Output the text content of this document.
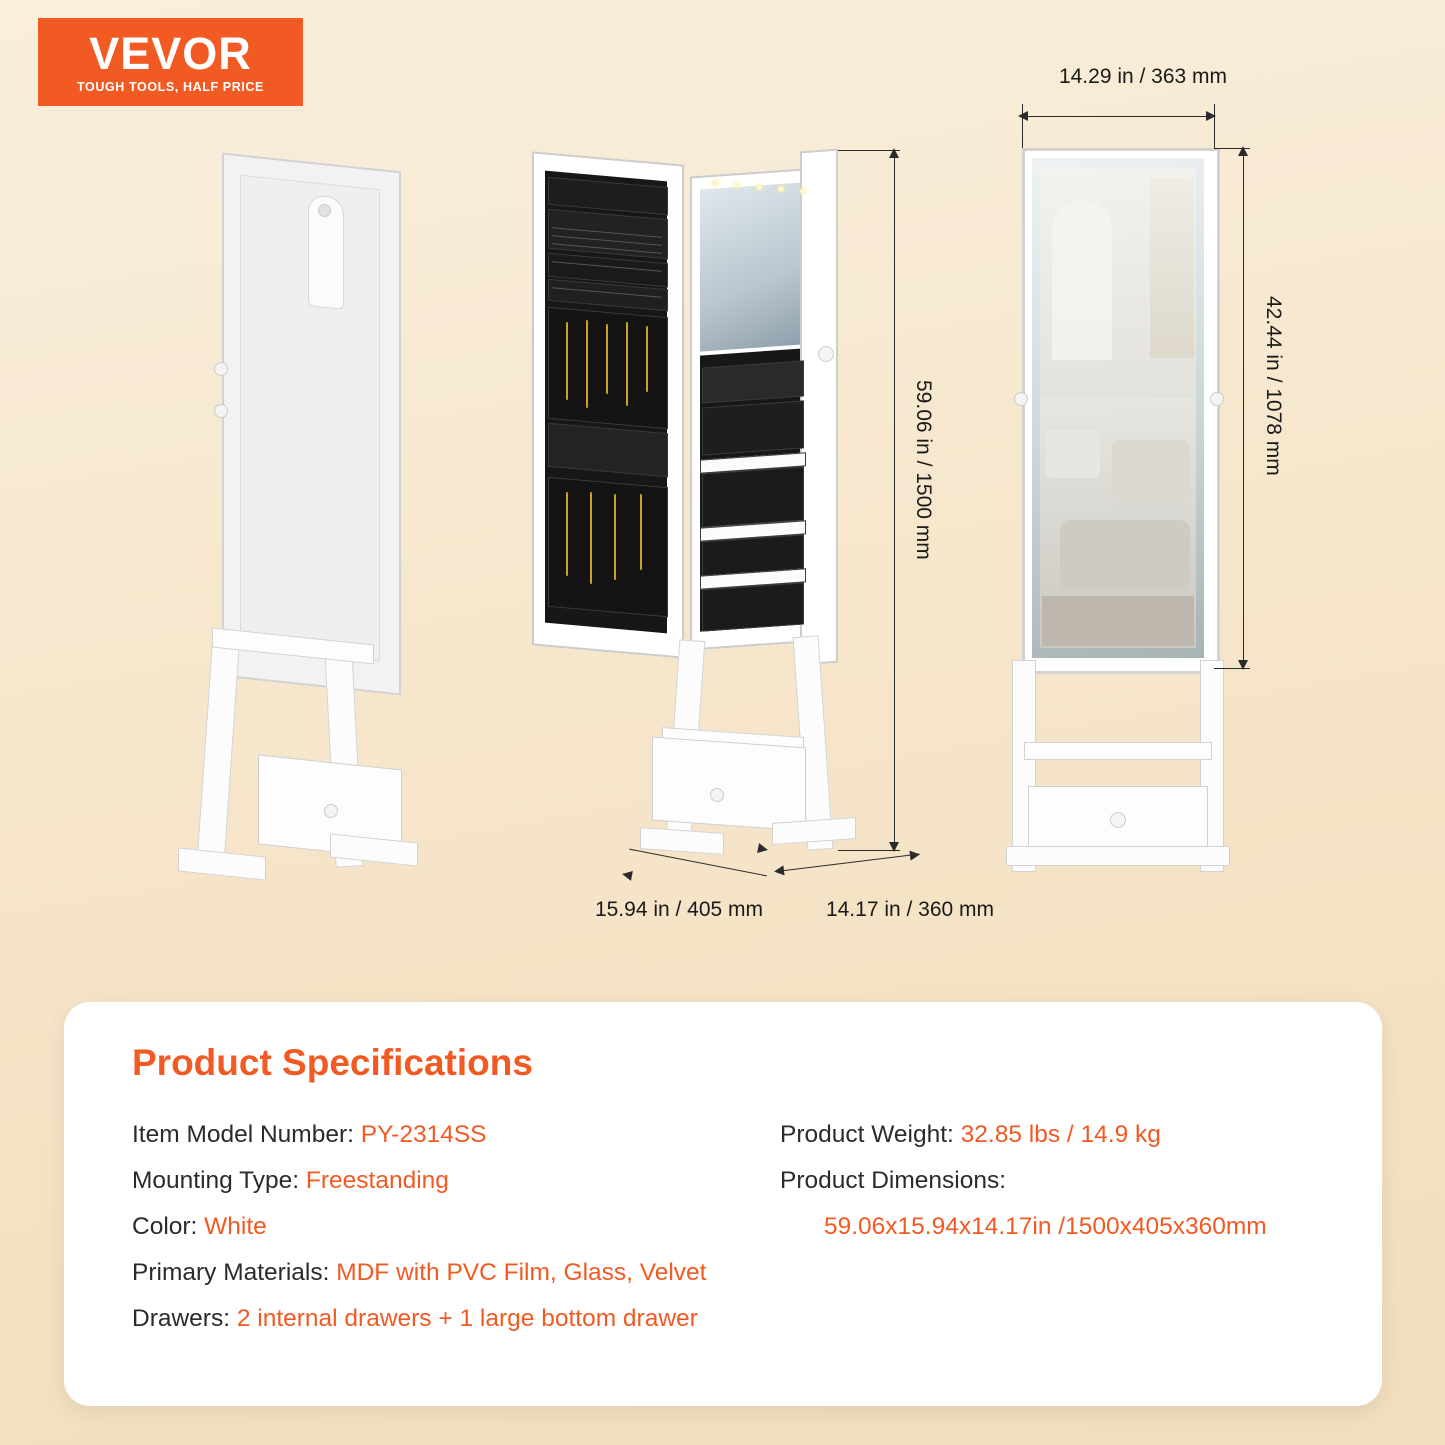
VEVOR
TOUGH TOOLS, HALF PRICE	14.29 in / 363 mm
59.06 in / 1500 mm	42.44 in / 1078 mm
15.94 in / 405 mm	14.17 in / 360 mm
Product Specifications
Item Model Number: PY-2314SS
Mounting Type: Freestanding
Color: White
Primary Materials: MDF with PVC Film, Glass, Velvet
Drawers: 2 internal drawers + 1 large bottom drawer
Product Weight: 32.85 lbs / 14.9 kg
Product Dimensions:
59.06x15.94x14.17in /1500x405x360mm
